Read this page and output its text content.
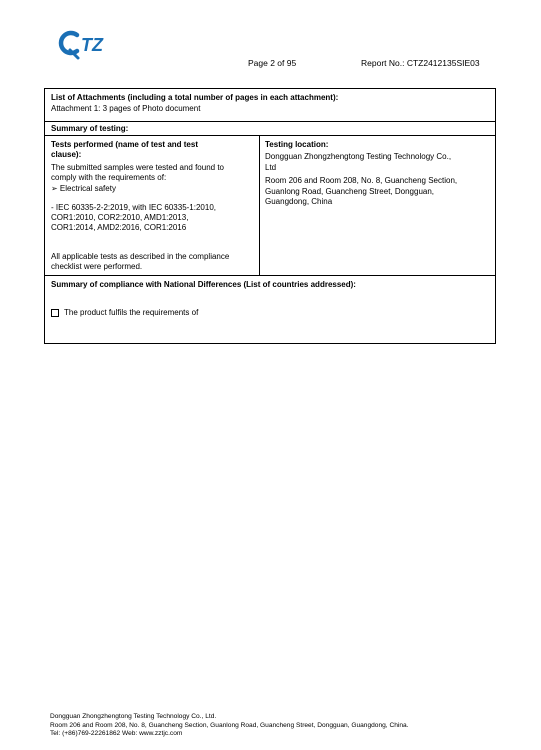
TZ
Page 2 of 95	Report No.: CTZ2412135SIE03
List of Attachments (including a total number of pages in each attachment):
Attachment 1: 3 pages of Photo document
Summary of testing:
Tests performed (name of test and test
clause):
The submitted samples were tested and found to
comply with the requirements of:
➢ Electrical safety
- IEC 60335-2-2:2019, with IEC 60335-1:2010,
COR1:2010, COR2:2010, AMD1:2013,
COR1:2014, AMD2:2016, COR1:2016
All applicable tests as described in the compliance
checklist were performed.
Testing location:
Dongguan Zhongzhengtong Testing Technology Co.,
Ltd
Room 206 and Room 208, No. 8, Guancheng Section,
Guanlong Road, Guancheng Street, Dongguan,
Guangdong, China
Summary of compliance with National Differences (List of countries addressed):
The product fulfils the requirements of
Dongguan Zhongzhengtong Testing Technology Co., Ltd.
Room 206 and Room 208, No. 8, Guancheng Section, Guanlong Road, Guancheng Street, Dongguan, Guangdong, China.
Tel: (+86)769-22261862 Web: www.zztjc.com
